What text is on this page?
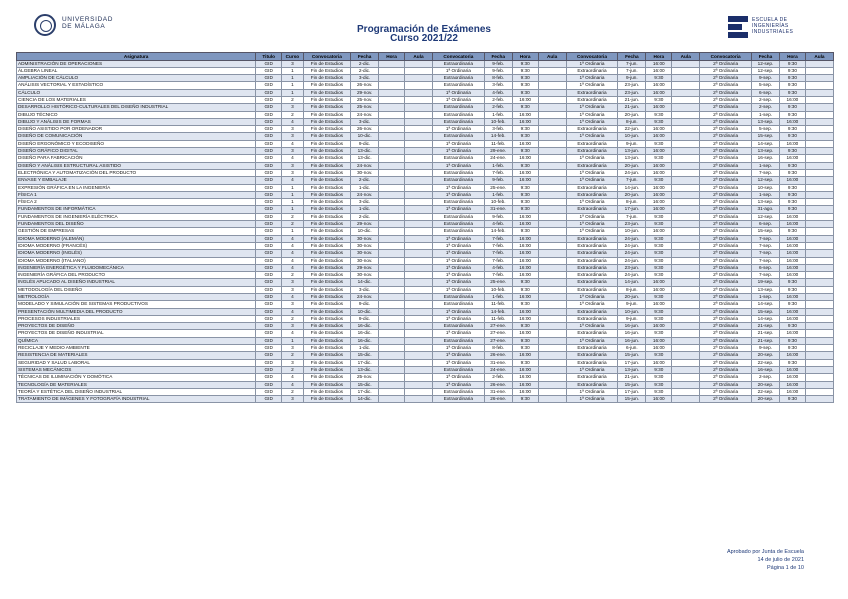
UNIVERSIDAD
DE MÁLAGA	Programación de Exámenes
Curso 2021/22
ESCUELA DE
INGENIERÍAS
INDUSTRIALES
Asignatura	Titulo	Curso	Convocatoria	Fecha	Hora	Aula	Convocatoria	Fecha	Hora	Aula	Convocatoria	Fecha	Hora	Aula	Convocatoria	Fecha	Hora	Aula
ADMINISTRACIÓN DE OPERACIONES	GID	3	Fin de Estudios	2-dic.			Extraordinaria	9-feb.	9:30		1ª Ordinaria	7-jun.	16:00		2ª Ordinaria	12-sep.	9:30	
ÁLGEBRA LINEAL	GID	1	Fin de Estudios	2-dic.			1ª Ordinaria	9-feb.	9:30		Extraordinaria	7-jun.	16:00		2ª Ordinaria	12-sep.	9:30	
AMPLIACIÓN DE CÁLCULO	GID	1	Fin de Estudios	3-dic.			Extraordinaria	8-feb.	9:30		1ª Ordinaria	9-jun.	9:30		2ª Ordinaria	9-sep.	9:30	
ANÁLISIS VECTORIAL Y ESTADÍSTICO	GID	1	Fin de Estudios	26-nov.			Extraordinaria	3-feb.	9:30		1ª Ordinaria	23-jun.	16:00		2ª Ordinaria	5-sep.	9:30	
CÁLCULO	GID	1	Fin de Estudios	29-nov.			1ª Ordinaria	4-feb.	9:30		Extraordinaria	23-jun.	16:00		2ª Ordinaria	6-sep.	9:30	
CIENCIA DE LOS MATERIALES	GID	2	Fin de Estudios	25-nov.			1ª Ordinaria	2-feb.	16:00		Extraordinaria	21-jun.	9:30		2ª Ordinaria	2-sep.	16:00	
DESARROLLO HISTÓRICO-CULTURALES DEL DISEÑO INDUSTRIAL	GID	3	Fin de Estudios	25-nov.			Extraordinaria	2-feb.	9:30		1ª Ordinaria	21-jun.	16:00		2ª Ordinaria	2-sep.	9:30	
DIBUJO TÉCNICO	GID	2	Fin de Estudios	24-nov.			Extraordinaria	1-feb.	16:00		1ª Ordinaria	20-jun.	9:30		2ª Ordinaria	1-sep.	9:30	
DIBUJO Y ANÁLISIS DE FORMAS	GID	4	Fin de Estudios	3-dic.			Extraordinaria	10-feb.	16:00		1ª Ordinaria	8-jun.	9:30		2ª Ordinaria	13-sep.	16:00	
DISEÑO ASISTIDO POR ORDENADOR	GID	3	Fin de Estudios	26-nov.			1ª Ordinaria	3-feb.	9:30		Extraordinaria	22-jun.	16:00		2ª Ordinaria	5-sep.	9:30	
DISEÑO DE COMUNICACIÓN	GID	3	Fin de Estudios	10-dic.			Extraordinaria	14-feb.	9:30		1ª Ordinaria	10-jun.	16:00		2ª Ordinaria	15-sep.	9:30	
DISEÑO ERGONÓMICO Y ECODISEÑO	GID	4	Fin de Estudios	9-dic.			1ª Ordinaria	11-feb.	16:00		Extraordinaria	9-jun.	9:30		2ª Ordinaria	14-sep.	16:00	
DISEÑO GRÁFICO DIGITAL	GID	3	Fin de Estudios	13-dic.			1ª Ordinaria	29-ene.	9:30		Extraordinaria	13-jun.	16:00		2ª Ordinaria	13-sep.	9:30	
DISEÑO PARA FABRICACIÓN	GID	4	Fin de Estudios	13-dic.			Extraordinaria	24-ene.	16:00		1ª Ordinaria	13-jun.	9:30		2ª Ordinaria	16-sep.	16:00	
DISEÑO Y ANÁLISIS ESTRUCTURAL ASISTIDO	GID	3	Fin de Estudios	24-nov.			1ª Ordinaria	1-feb.	9:30		Extraordinaria	20-jun.	16:00		2ª Ordinaria	1-sep.	9:30	
ELECTRÓNICA Y AUTOMATIZACIÓN DEL PRODUCTO	GID	3	Fin de Estudios	30-nov.			Extraordinaria	7-feb.	16:00		1ª Ordinaria	24-jun.	16:00		2ª Ordinaria	7-sep.	9:30	
ENVASE Y EMBALAJE	GID	4	Fin de Estudios	2-dic.			Extraordinaria	9-feb.	16:00		1ª Ordinaria	7-jun.	9:30		2ª Ordinaria	12-sep.	16:00	
EXPRESIÓN GRÁFICA EN LA INGENIERÍA	GID	1	Fin de Estudios	1-dic.			1ª Ordinaria	25-ene.	9:30		Extraordinaria	14-jun.	16:00		2ª Ordinaria	10-sep.	9:30	
FÍSICA 1	GID	1	Fin de Estudios	24-nov.			1ª Ordinaria	1-feb.	9:30		Extraordinaria	20-jun.	16:00		2ª Ordinaria	1-sep.	9:30	
FÍSICA 2	GID	1	Fin de Estudios	3-dic.			Extraordinaria	10-feb.	9:30		1ª Ordinaria	8-jun.	16:00		2ª Ordinaria	13-sep.	9:30	
FUNDAMENTOS DE INFORMÁTICA	GID	1	Fin de Estudios	1-dic.			1ª Ordinaria	31-ene.	9:30		Extraordinaria	17-jun.	16:00		2ª Ordinaria	31-ago.	9:30	
FUNDAMENTOS DE INGENIERÍA ELÉCTRICA	GID	2	Fin de Estudios	2-dic.			Extraordinaria	9-feb.	16:00		1ª Ordinaria	7-jun.	9:30		2ª Ordinaria	12-sep.	16:00	
FUNDAMENTOS DEL DISEÑO	GID	2	Fin de Estudios	29-nov.			Extraordinaria	4-feb.	16:00		1ª Ordinaria	23-jun.	9:30		2ª Ordinaria	6-sep.	16:00	
GESTIÓN DE EMPRESAS	GID	1	Fin de Estudios	10-dic.			Extraordinaria	14-feb.	9:30		1ª Ordinaria	10-jun.	16:00		2ª Ordinaria	15-sep.	9:30	
IDIOMA MODERNO (ALEMÁN)	GID	4	Fin de Estudios	30-nov.			1ª Ordinaria	7-feb.	16:00		Extraordinaria	24-jun.	9:30		2ª Ordinaria	7-sep.	16:00	
IDIOMA MODERNO (FRANCÉS)	GID	4	Fin de Estudios	30-nov.			1ª Ordinaria	7-feb.	16:00		Extraordinaria	24-jun.	9:30		2ª Ordinaria	7-sep.	16:00	
IDIOMA MODERNO (INGLÉS)	GID	4	Fin de Estudios	30-nov.			1ª Ordinaria	7-feb.	16:00		Extraordinaria	24-jun.	9:30		2ª Ordinaria	7-sep.	16:00	
IDIOMA MODERNO (ITALIANO)	GID	4	Fin de Estudios	30-nov.			1ª Ordinaria	7-feb.	16:00		Extraordinaria	24-jun.	9:30		2ª Ordinaria	7-sep.	16:00	
INGENIERÍA ENERGÉTICA Y FLUIDOMECÁNICA	GID	4	Fin de Estudios	29-nov.			1ª Ordinaria	4-feb.	16:00		Extraordinaria	23-jun.	9:30		2ª Ordinaria	6-sep.	16:00	
INGENIERÍA GRÁFICA DEL PRODUCTO	GID	2	Fin de Estudios	30-nov.			1ª Ordinaria	7-feb.	16:00		Extraordinaria	24-jun.	9:30		2ª Ordinaria	7-sep.	16:00	
INGLÉS APLICADO AL DISEÑO INDUSTRIAL	GID	3	Fin de Estudios	14-dic.			1ª Ordinaria	25-ene.	9:30		Extraordinaria	14-jun.	16:00		2ª Ordinaria	19-sep.	9:30	
METODOLOGÍA DEL DISEÑO	GID	3	Fin de Estudios	3-dic.			1ª Ordinaria	10-feb.	9:30		Extraordinaria	8-jun.	16:00		2ª Ordinaria	13-sep.	9:30	
METROLOGÍA	GID	4	Fin de Estudios	24-nov.			Extraordinaria	1-feb.	16:00		1ª Ordinaria	20-jun.	9:30		2ª Ordinaria	1-sep.	16:00	
MODELADO Y SIMULACIÓN DE SISTEMAS PRODUCTIVOS	GID	3	Fin de Estudios	9-dic.			Extraordinaria	11-feb.	9:30		1ª Ordinaria	9-jun.	16:00		2ª Ordinaria	14-sep.	9:30	
PRESENTACIÓN MULTIMEDIA DEL PRODUCTO	GID	4	Fin de Estudios	10-dic.			1ª Ordinaria	14-feb.	16:00		Extraordinaria	10-jun.	9:30		2ª Ordinaria	15-sep.	16:00	
PROCESOS INDUSTRIALES	GID	2	Fin de Estudios	9-dic.			1ª Ordinaria	11-feb.	16:00		Extraordinaria	9-jun.	9:30		2ª Ordinaria	14-sep.	16:00	
PROYECTOS DE DISEÑO	GID	3	Fin de Estudios	16-dic.			Extraordinaria	27-ene.	9:30		1ª Ordinaria	16-jun.	16:00		2ª Ordinaria	21-sep.	9:30	
PROYECTOS DE DISEÑO INDUSTRIAL	GID	4	Fin de Estudios	16-dic.			1ª Ordinaria	27-ene.	16:00		Extraordinaria	16-jun.	9:30		2ª Ordinaria	21-sep.	16:00	
QUÍMICA	GID	1	Fin de Estudios	16-dic.			Extraordinaria	27-ene.	9:30		1ª Ordinaria	16-jun.	16:00		2ª Ordinaria	21-sep.	9:30	
RECICLAJE Y MEDIO AMBIENTE	GID	3	Fin de Estudios	1-dic.			1ª Ordinaria	8-feb.	9:30		Extraordinaria	6-jun.	16:00		2ª Ordinaria	9-sep.	9:30	
RESISTENCIA DE MATERIALES	GID	2	Fin de Estudios	15-dic.			1ª Ordinaria	26-ene.	16:00		Extraordinaria	15-jun.	9:30		2ª Ordinaria	20-sep.	16:00	
SEGURIDAD Y SALUD LABORAL	GID	3	Fin de Estudios	17-dic.			1ª Ordinaria	31-ene.	9:30		Extraordinaria	17-jun.	16:00		2ª Ordinaria	22-sep.	9:30	
SISTEMAS MECÁNICOS	GID	2	Fin de Estudios	13-dic.			Extraordinaria	24-ene.	16:00		1ª Ordinaria	13-jun.	9:30		2ª Ordinaria	16-sep.	16:00	
TÉCNICAS DE ILUMINACIÓN Y DOMÓTICA	GID	4	Fin de Estudios	25-nov.			1ª Ordinaria	2-feb.	16:00		Extraordinaria	21-jun.	9:30		2ª Ordinaria	2-sep.	16:00	
TECNOLOGÍA DE MATERIALES	GID	4	Fin de Estudios	15-dic.			1ª Ordinaria	26-ene.	16:00		Extraordinaria	15-jun.	9:30		2ª Ordinaria	20-sep.	16:00	
TEORÍA Y ESTÉTICA DEL DISEÑO INDUSTRIAL	GID	2	Fin de Estudios	17-dic.			Extraordinaria	31-ene.	16:00		1ª Ordinaria	17-jun.	9:30		2ª Ordinaria	22-sep.	16:00	
TRATAMIENTO DE IMÁGENES Y FOTOGRAFÍA INDUSTRIAL	GID	3	Fin de Estudios	14-dic.			Extraordinaria	26-ene.	9:30		1ª Ordinaria	15-jun.	16:00		2ª Ordinaria	20-sep.	9:30	
Aprobado por Junta de Escuela
14 de julio de 2021
Página 1 de 10
